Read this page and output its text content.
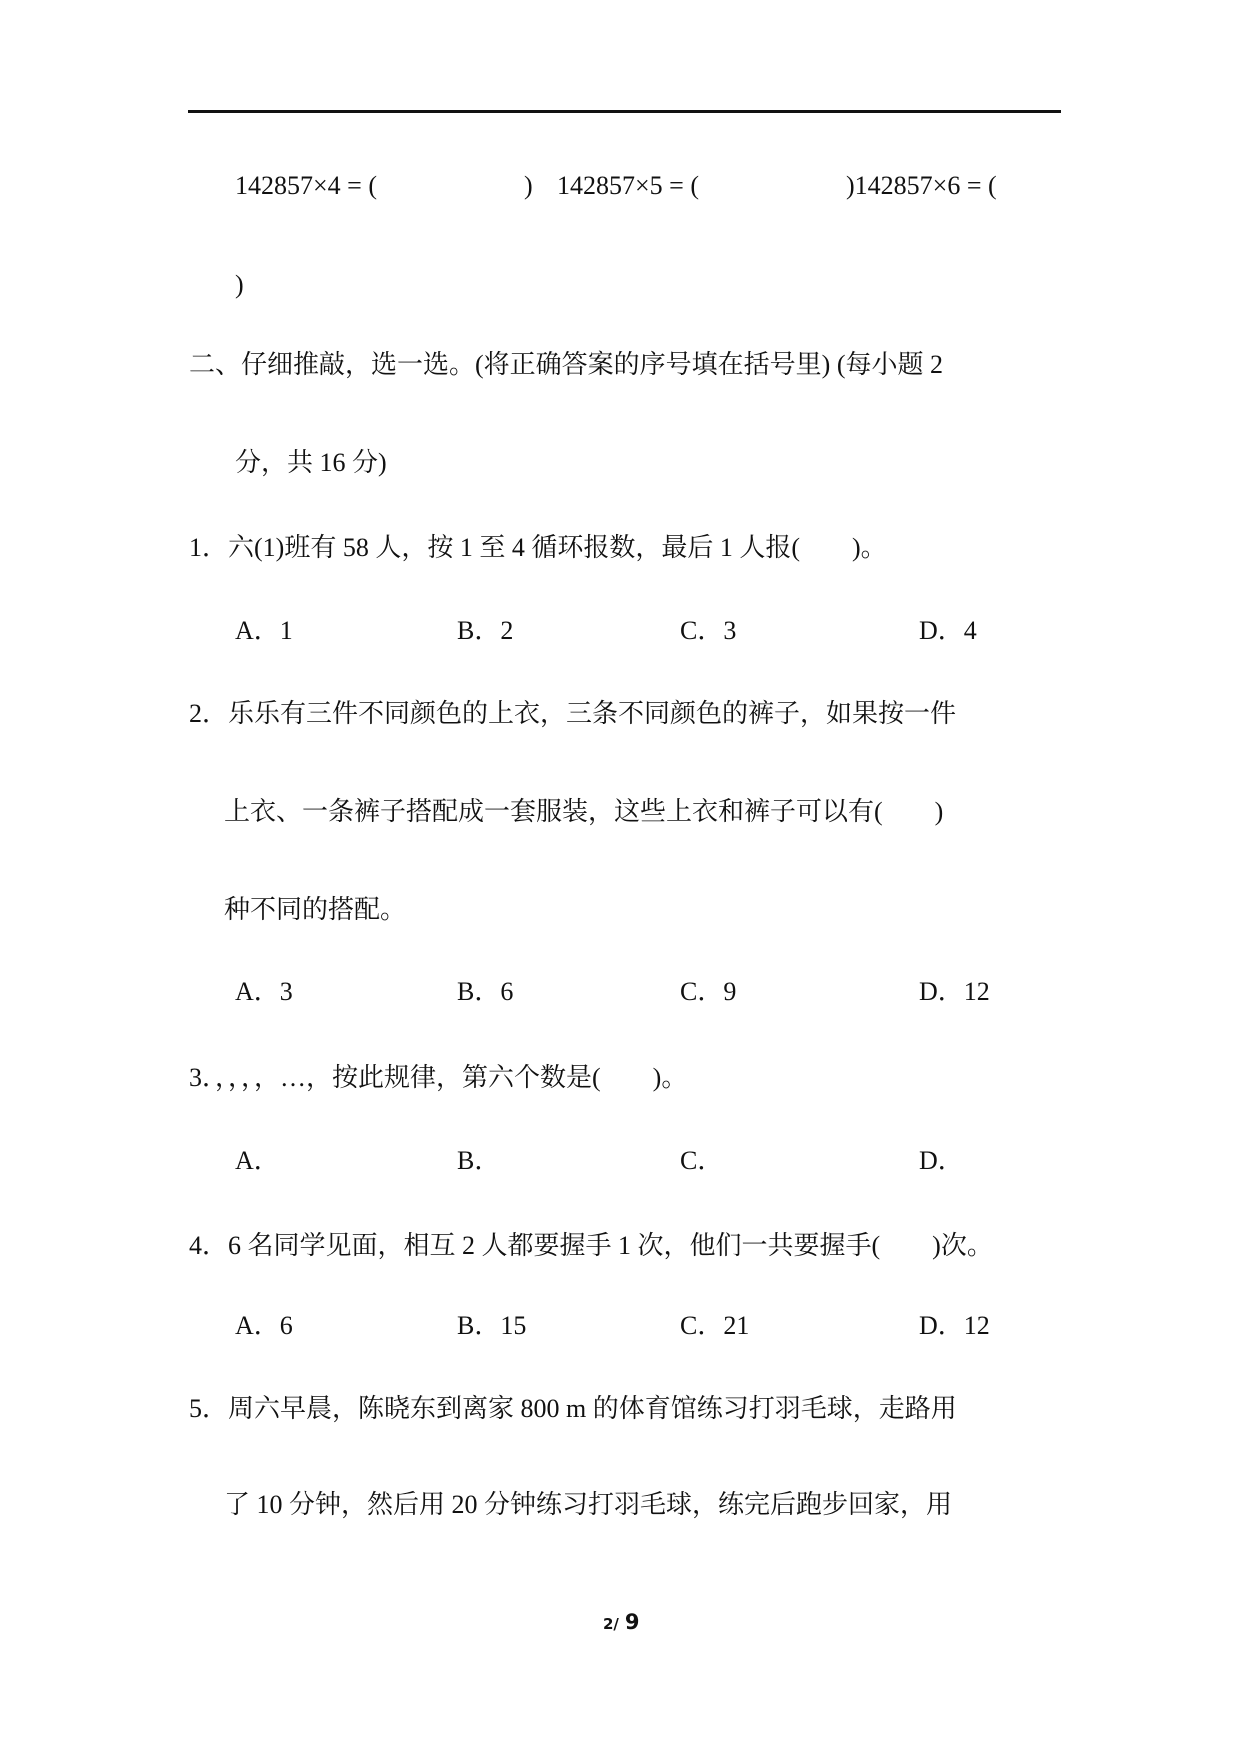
142857×4 = (	) 142857×5 = (	)142857×6 = (
)
二、仔细推敲，选一选。(将正确答案的序号填在括号里) (每小题 2
分，共 16 分)
1．六(1)班有 58 人，按 1 至 4 循环报数，最后 1 人报(　　)。
A．1	B．2	C．3	D．4
2．乐乐有三件不同颜色的上衣，三条不同颜色的裤子，如果按一件
上衣、一条裤子搭配成一套服装，这些上衣和裤子可以有(　　)
种不同的搭配。
A．3	B．6	C．9	D．12
3．，，，，…，按此规律，第六个数是(　　)。
A．	B．	C．	D．
4．6 名同学见面，相互 2 人都要握手 1 次，他们一共要握手(　　)次。
A．6	B．15	C．21	D．12
5．周六早晨，陈晓东到离家 800 m 的体育馆练习打羽毛球，走路用
了 10 分钟，然后用 20 分钟练习打羽毛球，练完后跑步回家，用
2/ 9
